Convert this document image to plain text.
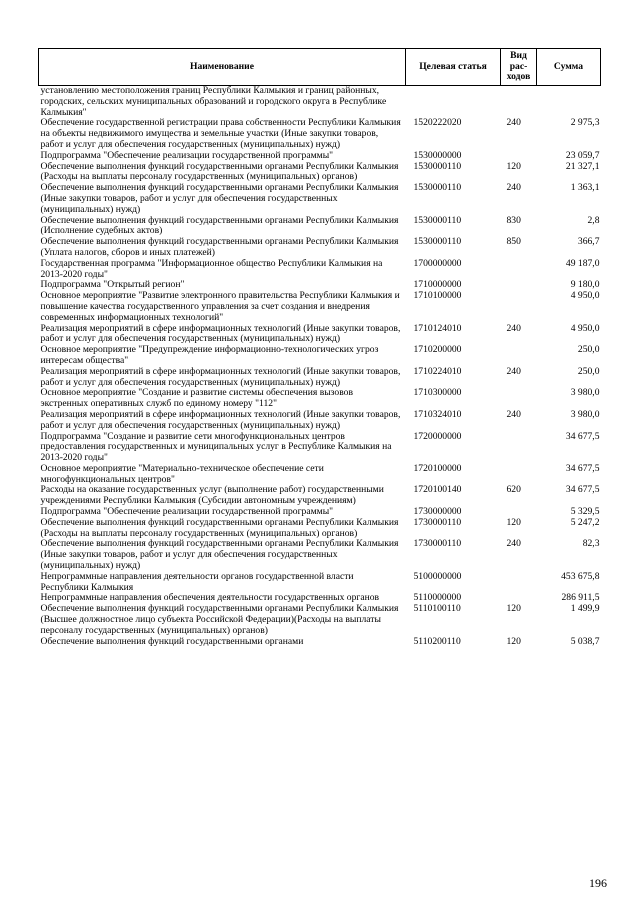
Наименование	Целевая статья	Вид рас-ходов	Сумма
установлению местоположения границ Республики Калмыкия и границ районных, городских, сельских муниципальных образований и городского округа в Республике Калмыкия"			
Обеспечение государственной регистрации права собственности Республики Калмыкия на объекты недвижимого имущества и земельные участки (Иные закупки товаров, работ и услуг для обеспечения государственных (муниципальных) нужд)	1520222020	240	2 975,3
Подпрограмма "Обеспечение реализации государственной программы"	1530000000		23 059,7
Обеспечение выполнения функций государственными органами Республики Калмыкия (Расходы на выплаты персоналу государственных (муниципальных) органов)	1530000110	120	21 327,1
Обеспечение выполнения функций государственными органами Республики Калмыкия (Иные закупки товаров, работ и услуг для обеспечения государственных (муниципальных) нужд)	1530000110	240	1 363,1
Обеспечение выполнения функций государственными органами Республики Калмыкия (Исполнение судебных актов)	1530000110	830	2,8
Обеспечение выполнения функций государственными органами Республики Калмыкия (Уплата налогов, сборов и иных платежей)	1530000110	850	366,7
Государственная программа "Информационное общество Республики Калмыкия на 2013-2020 годы"	1700000000		49 187,0
Подпрограмма "Открытый регион"	1710000000		9 180,0
Основное мероприятие "Развитие электронного правительства Республики Калмыкия и повышение качества государственного управления за счет создания и внедрения современных информационных технологий"	1710100000		4 950,0
Реализация мероприятий в сфере информационных технологий (Иные закупки товаров, работ и услуг для обеспечения государственных (муниципальных) нужд)	1710124010	240	4 950,0
Основное мероприятие "Предупреждение информационно-технологических угроз интересам общества"	1710200000		250,0
Реализация мероприятий в сфере информационных технологий (Иные закупки товаров, работ и услуг для обеспечения государственных (муниципальных) нужд)	1710224010	240	250,0
Основное мероприятие "Создание и развитие системы обеспечения вызовов экстренных оперативных служб по единому номеру "112"	1710300000		3 980,0
Реализация мероприятий в сфере информационных технологий (Иные закупки товаров, работ и услуг для обеспечения государственных (муниципальных) нужд)	1710324010	240	3 980,0
Подпрограмма "Создание и развитие сети многофункциональных центров предоставления государственных и муниципальных услуг в Республике Калмыкия на 2013-2020 годы"	1720000000		34 677,5
Основное мероприятие "Материально-техническое обеспечение сети многофункциональных центров"	1720100000		34 677,5
Расходы на оказание государственных услуг (выполнение работ) государственными учреждениями Республики Калмыкия (Субсидии автономным учреждениям)	1720100140	620	34 677,5
Подпрограмма "Обеспечение реализации государственной программы"	1730000000		5 329,5
Обеспечение выполнения функций государственными органами Республики Калмыкия (Расходы на выплаты персоналу государственных (муниципальных) органов)	1730000110	120	5 247,2
Обеспечение выполнения функций государственными органами Республики Калмыкия (Иные закупки товаров, работ и услуг для обеспечения государственных (муниципальных) нужд)	1730000110	240	82,3
Непрограммные направления деятельности органов государственной власти Республики Калмыкия	5100000000		453 675,8
Непрограммные направления обеспечения деятельности государственных органов	5110000000		286 911,5
Обеспечение выполнения функций государственными органами Республики Калмыкия (Высшее должностное лицо субъекта Российской Федерации)(Расходы на выплаты персоналу государственных (муниципальных) органов)	5110100110	120	1 499,9
Обеспечение выполнения функций государственными органами	5110200110	120	5 038,7
196
